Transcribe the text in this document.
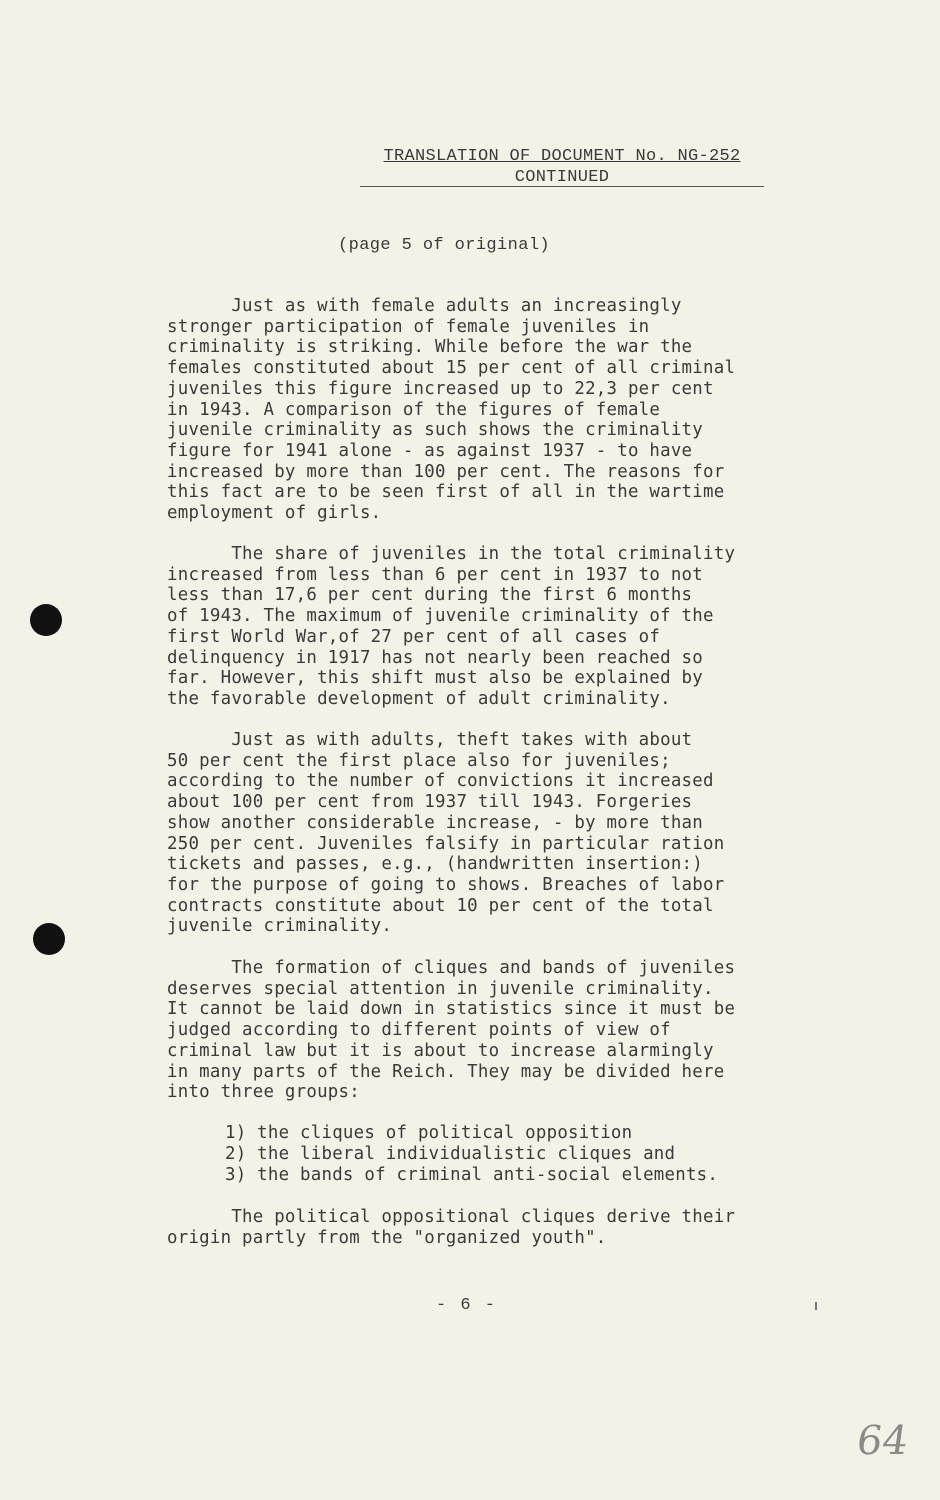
TRANSLATION OF DOCUMENT No. NG-252
CONTINUED
(page 5 of original)
Just as with female adults an increasingly
stronger participation of female juveniles in
criminality is striking. While before the war the
females constituted about 15 per cent of all criminal
juveniles this figure increased up to 22,3 per cent
in 1943. A comparison of the figures of female
juvenile criminality as such shows the criminality
figure for 1941 alone - as against 1937 - to have
increased by more than 100 per cent. The reasons for
this fact are to be seen first of all in the wartime
employment of girls.
The share of juveniles in the total criminality
increased from less than 6 per cent in 1937 to not
less than 17,6 per cent during the first 6 months
of 1943. The maximum of juvenile criminality of the
first World War,of 27 per cent of all cases of
delinquency in 1917 has not nearly been reached so
far. However, this shift must also be explained by
the favorable development of adult criminality.
Just as with adults, theft takes with about
50 per cent the first place also for juveniles;
according to the number of convictions it increased
about 100 per cent from 1937 till 1943. Forgeries
show another considerable increase, - by more than
250 per cent. Juveniles falsify in particular ration
tickets and passes, e.g., (handwritten insertion:)
for the purpose of going to shows. Breaches of labor
contracts constitute about 10 per cent of the total
juvenile criminality.
The formation of cliques and bands of juveniles
deserves special attention in juvenile criminality.
It cannot be laid down in statistics since it must be
judged according to different points of view of
criminal law but it is about to increase alarmingly
in many parts of the Reich. They may be divided here
into three groups:
1) the cliques of political opposition
2) the liberal individualistic cliques and
3) the bands of criminal anti-social elements.
The political oppositional cliques derive their
origin partly from the "organized youth".
- 6 -
64
